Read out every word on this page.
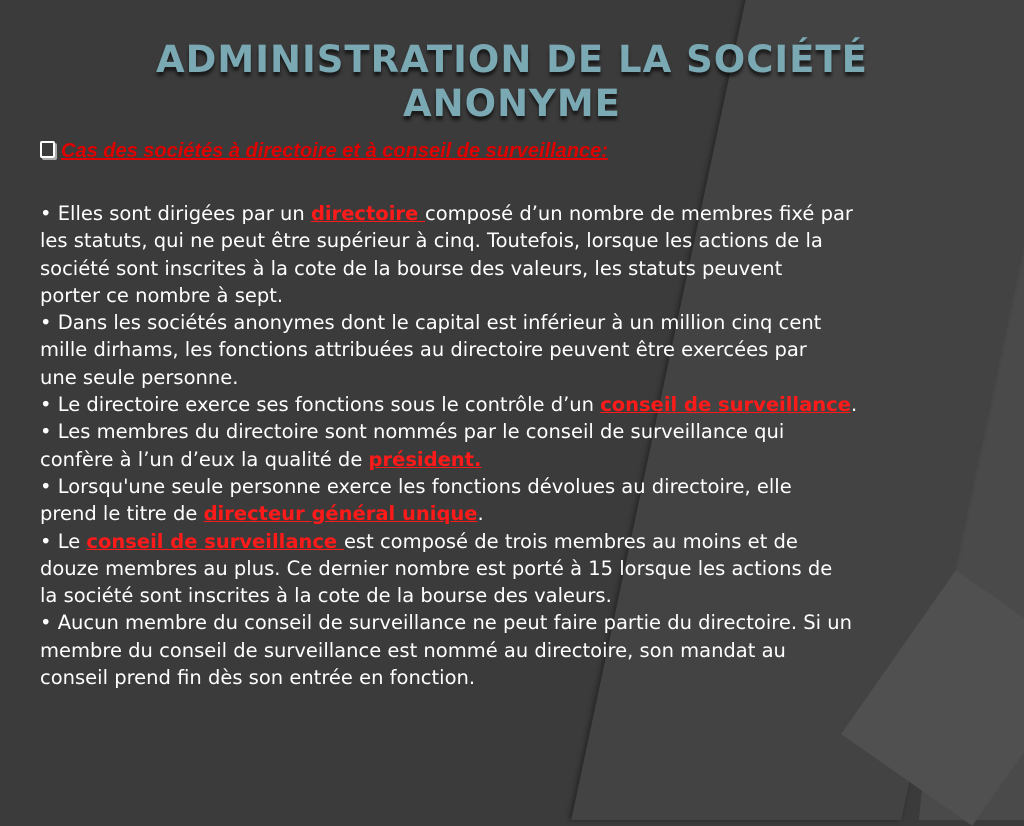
ADMINISTRATION DE LA SOCIÉTÉ
ANONYME
Cas des sociétés à directoire et à conseil de surveillance:
• Elles sont dirigées par un directoire composé d’un nombre de membres fixé par
les statuts, qui ne peut être supérieur à cinq. Toutefois, lorsque les actions de la
société sont inscrites à la cote de la bourse des valeurs, les statuts peuvent
porter ce nombre à sept.
• Dans les sociétés anonymes dont le capital est inférieur à un million cinq cent
mille dirhams, les fonctions attribuées au directoire peuvent être exercées par
une seule personne.
• Le directoire exerce ses fonctions sous le contrôle d’un conseil de surveillance.
• Les membres du directoire sont nommés par le conseil de surveillance qui
confère à l’un d’eux la qualité de président.
• Lorsqu'une seule personne exerce les fonctions dévolues au directoire, elle
prend le titre de directeur général unique.
• Le conseil de surveillance est composé de trois membres au moins et de
douze membres au plus. Ce dernier nombre est porté à 15 lorsque les actions de
la société sont inscrites à la cote de la bourse des valeurs.
• Aucun membre du conseil de surveillance ne peut faire partie du directoire. Si un
membre du conseil de surveillance est nommé au directoire, son mandat au
conseil prend fin dès son entrée en fonction.
